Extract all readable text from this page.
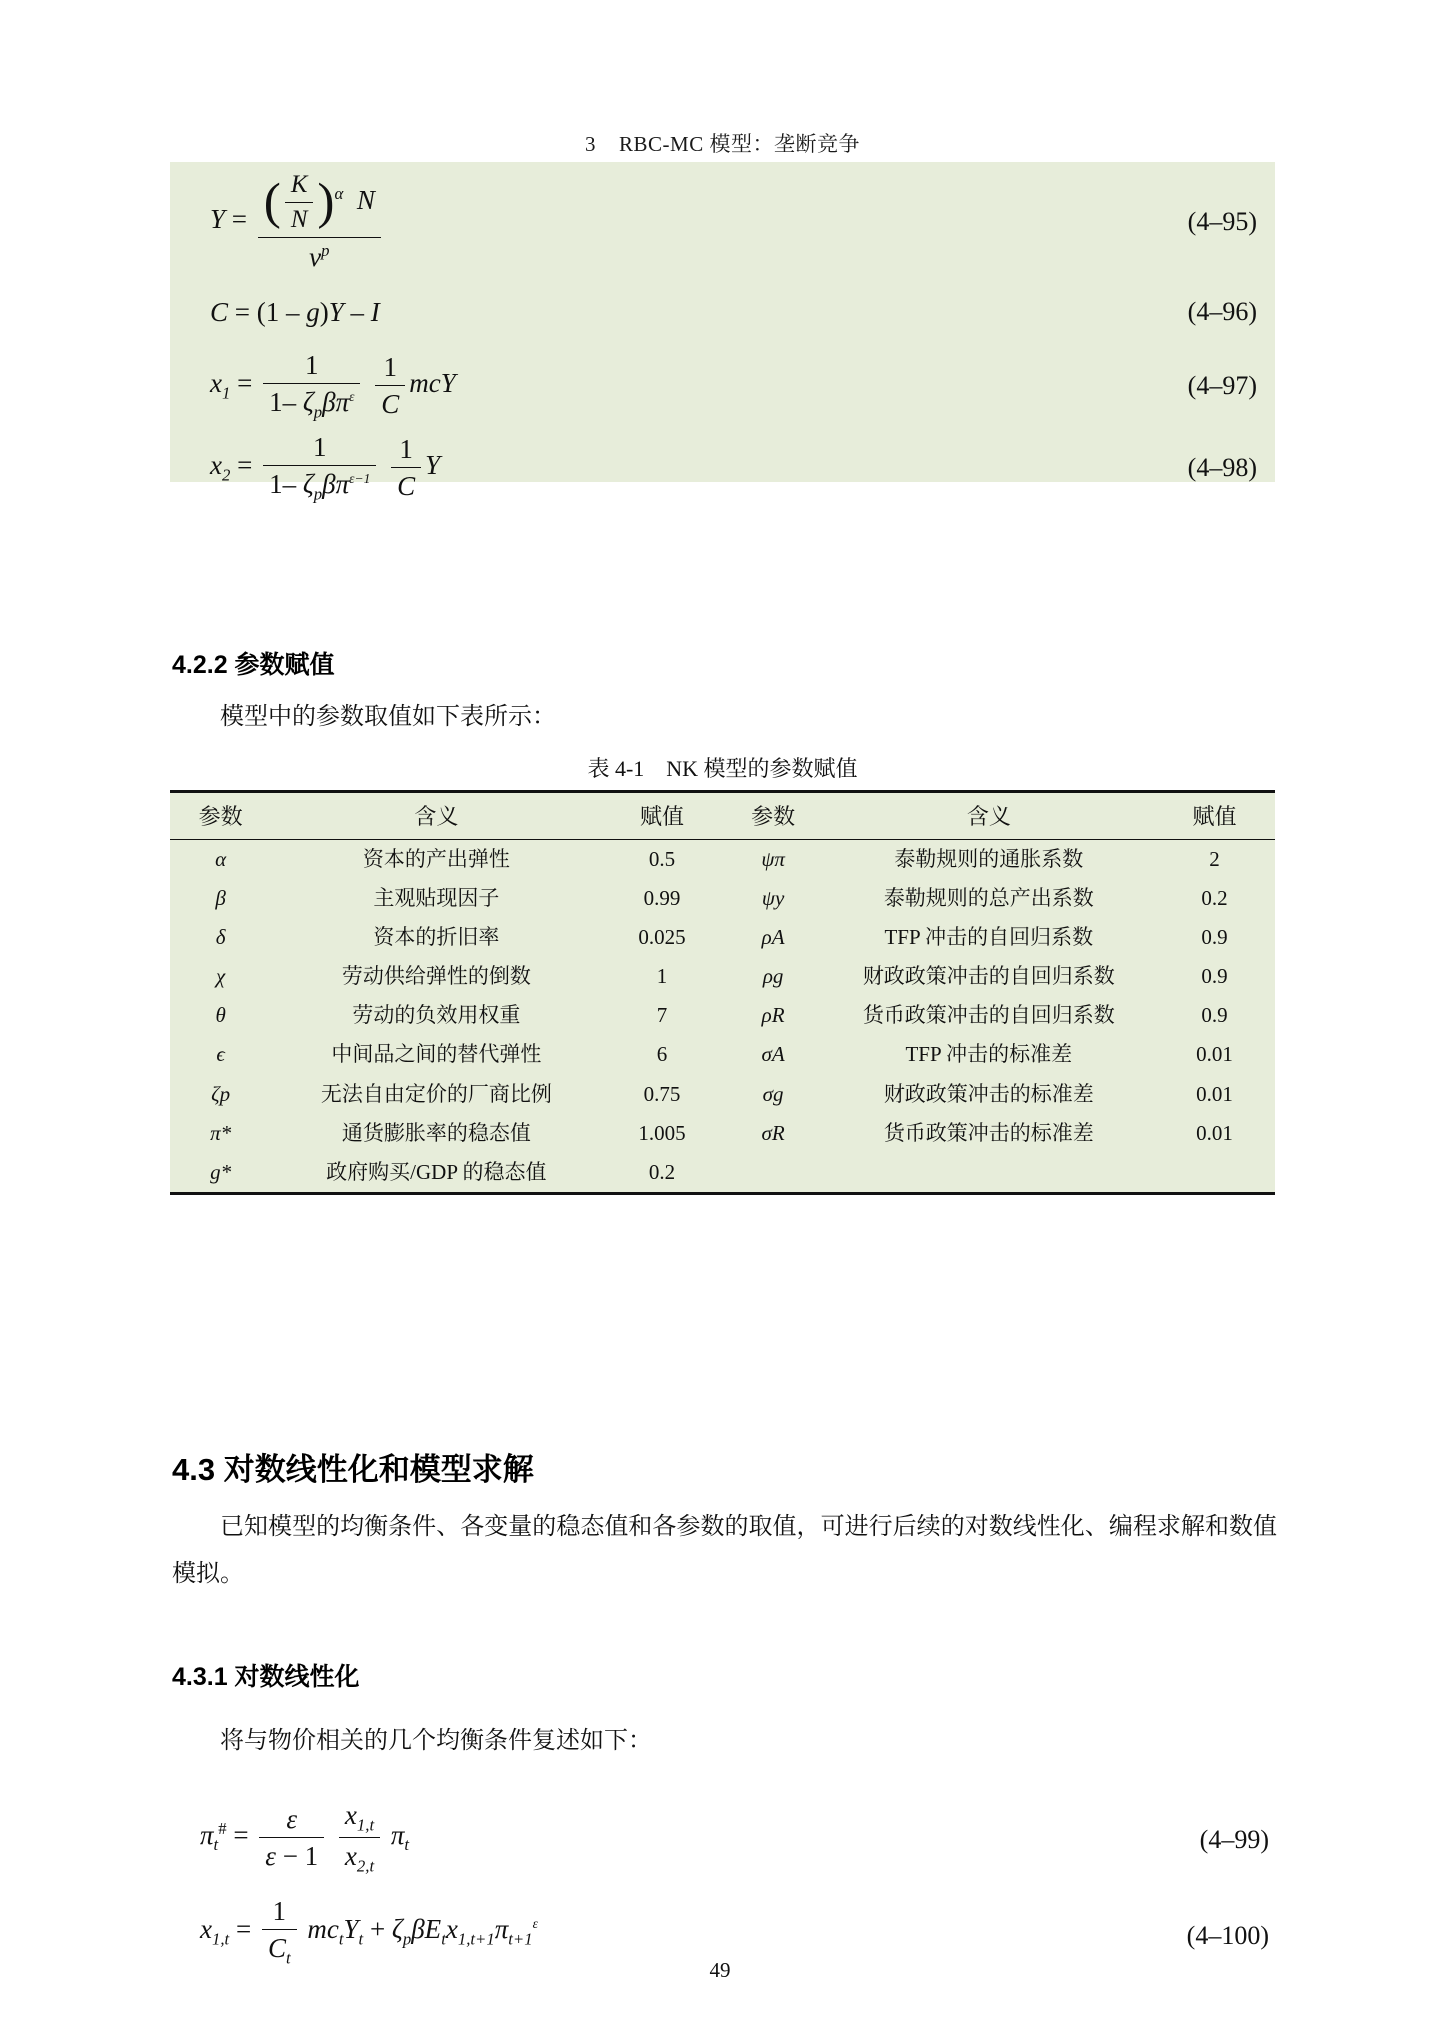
3    RBC-MC 模型：垄断竞争
$Y = \frac{( \frac{K}{N} )^\alpha N}{v^p}$	(4–95)
C = (1 – g)Y – I	(4–96)
$x_1 = \frac{1}{1- \zeta_p\beta\pi^\varepsilon}$
$\frac{1}{C}$ mcY	(4–97)
$x_2 = \frac{1}{1- \zeta_p\beta\pi^{\varepsilon-1}}$
$\frac{1}{C}$ Y	(4–98)
4.2.2 参数赋值
模型中的参数取值如下表所示：
表 4-1　NK 模型的参数赋值
参数	含义	赋值	参数	含义	赋值
α	资本的产出弹性	0.5	ψπ	泰勒规则的通胀系数	2
β	主观贴现因子	0.99	ψy	泰勒规则的总产出系数	0.2
δ	资本的折旧率	0.025	ρA	TFP 冲击的自回归系数	0.9
χ	劳动供给弹性的倒数	1	ρg	财政政策冲击的自回归系数	0.9
θ	劳动的负效用权重	7	ρR	货币政策冲击的自回归系数	0.9
ϵ	中间品之间的替代弹性	6	σA	TFP 冲击的标准差	0.01
ζp	无法自由定价的厂商比例	0.75	σg	财政政策冲击的标准差	0.01
π*	通货膨胀率的稳态值	1.005	σR	货币政策冲击的标准差	0.01
g*	政府购买/GDP 的稳态值	0.2			
4.3 对数线性化和模型求解
已知模型的均衡条件、各变量的稳态值和各参数的取值，可进行后续的对数线性化、编程求解和数值模拟。
4.3.1 对数线性化
将与物价相关的几个均衡条件复述如下：
$\pi_t^{\#} = \frac{\varepsilon}{\varepsilon - 1}$
$\frac{x_{1,t}}{x_{2,t}} \pi_t$	(4–99)
$x_{1,t} = \frac{1}{C_t} mc_tY_t + \zeta_p\beta E_tx_{1,t+1}\pi_{t+1}^\varepsilon$	(4–100)
49
